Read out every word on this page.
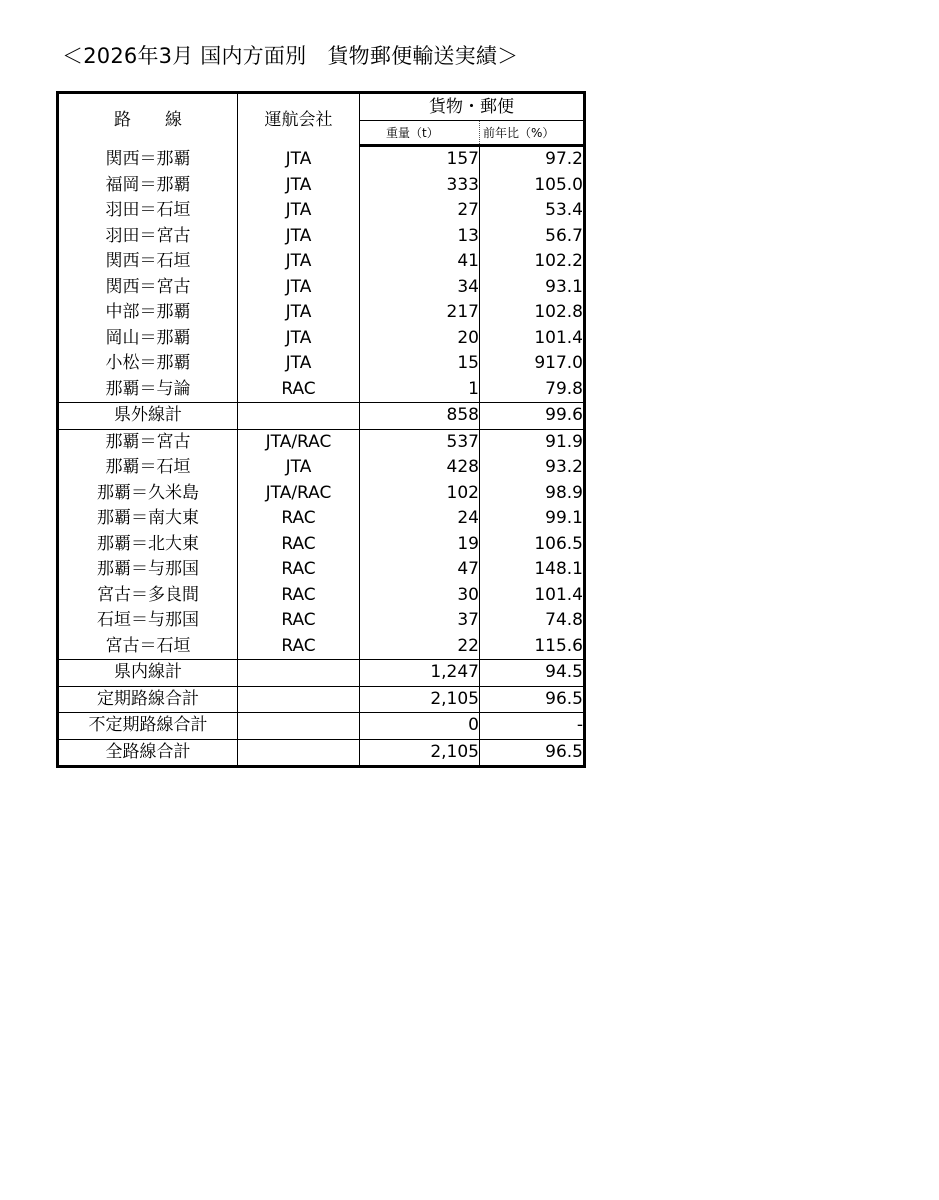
＜2026年3月 国内方面別　貨物郵便輸送実績＞
路　　線	運航会社	貨物・郵便	
		重量（t）	前年比（%）
関西＝那覇	JTA	157	97.2
福岡＝那覇	JTA	333	105.0
羽田＝石垣	JTA	27	53.4
羽田＝宮古	JTA	13	56.7
関西＝石垣	JTA	41	102.2
関西＝宮古	JTA	34	93.1
中部＝那覇	JTA	217	102.8
岡山＝那覇	JTA	20	101.4
小松＝那覇	JTA	15	917.0
那覇＝与論	RAC	1	79.8
県外線計		858	99.6
那覇＝宮古	JTA/RAC	537	91.9
那覇＝石垣	JTA	428	93.2
那覇＝久米島	JTA/RAC	102	98.9
那覇＝南大東	RAC	24	99.1
那覇＝北大東	RAC	19	106.5
那覇＝与那国	RAC	47	148.1
宮古＝多良間	RAC	30	101.4
石垣＝与那国	RAC	37	74.8
宮古＝石垣	RAC	22	115.6
県内線計		1,247	94.5
定期路線合計		2,105	96.5
不定期路線合計		0	-
全路線合計		2,105	96.5
